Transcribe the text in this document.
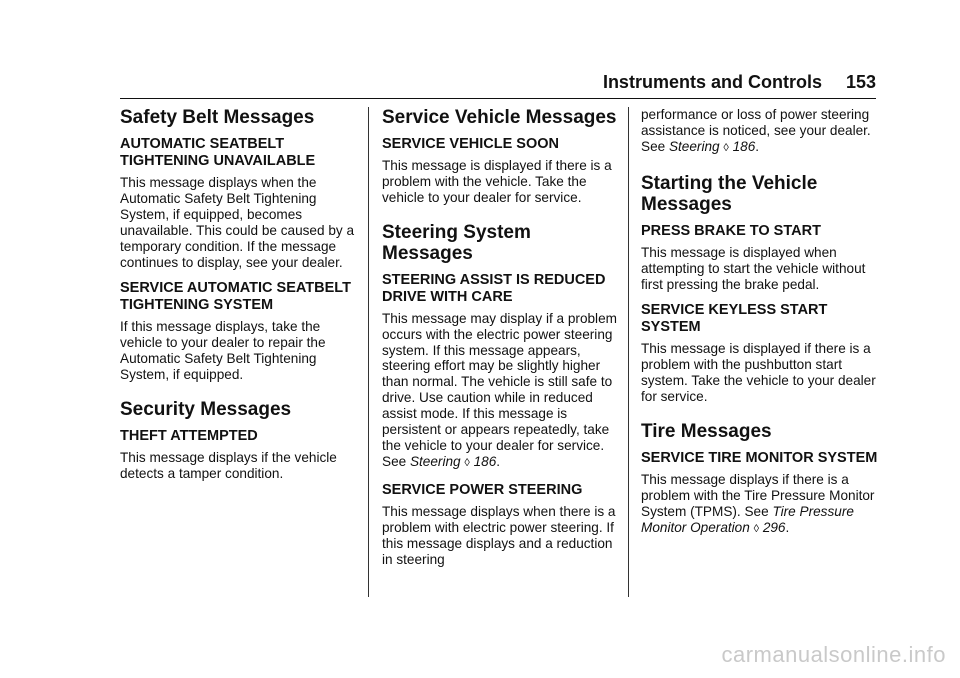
Instruments and Controls 153
Safety Belt Messages
AUTOMATIC SEATBELT TIGHTENING UNAVAILABLE

This message displays when the Automatic Safety Belt Tightening System, if equipped, becomes unavailable. This could be caused by a temporary condition. If the message continues to display, see your dealer.

SERVICE AUTOMATIC SEATBELT TIGHTENING SYSTEM

If this message displays, take the vehicle to your dealer to repair the Automatic Safety Belt Tightening System, if equipped.

Security Messages
THEFT ATTEMPTED

This message displays if the vehicle detects a tamper condition.

Service Vehicle Messages
SERVICE VEHICLE SOON

This message is displayed if there is a problem with the vehicle. Take the vehicle to your dealer for service.

Steering System Messages
STEERING ASSIST IS REDUCED DRIVE WITH CARE

This message may display if a problem occurs with the electric power steering system. If this message appears, steering effort may be slightly higher than normal. The vehicle is still safe to drive. Use caution while in reduced assist mode. If this message is persistent or appears repeatedly, take the vehicle to your dealer for service. See Steering ◊ 186.

SERVICE POWER STEERING

This message displays when there is a problem with electric power steering. If this message displays and a reduction in steering

performance or loss of power steering assistance is noticed, see your dealer. See Steering ◊ 186.

Starting the Vehicle Messages
PRESS BRAKE TO START

This message is displayed when attempting to start the vehicle without first pressing the brake pedal.

SERVICE KEYLESS START SYSTEM

This message is displayed if there is a problem with the pushbutton start system. Take the vehicle to your dealer for service.

Tire Messages
SERVICE TIRE MONITOR SYSTEM

This message displays if there is a problem with the Tire Pressure Monitor System (TPMS). See Tire Pressure Monitor Operation ◊ 296.

carmanualsonline.info
